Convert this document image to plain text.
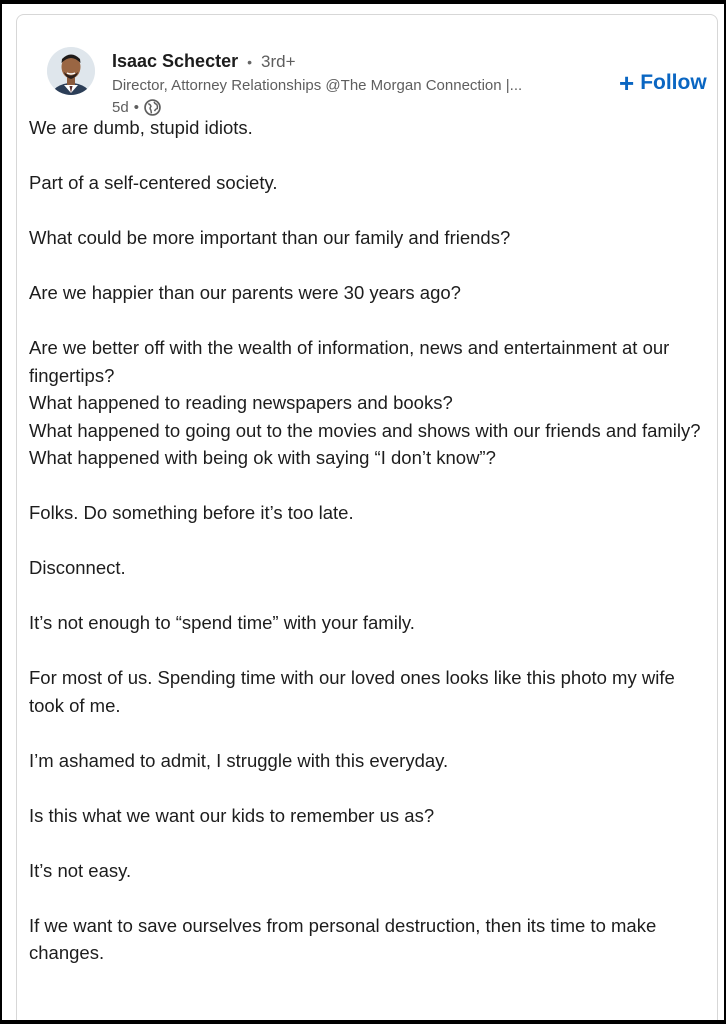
Isaac Schecter • 3rd+
Director, Attorney Relationships @The Morgan Connection |...
5d •
+ Follow

We are dumb, stupid idiots.

Part of a self-centered society.

What could be more important than our family and friends?

Are we happier than our parents were 30 years ago?

Are we better off with the wealth of information, news and entertainment at our fingertips?

What happened to reading newspapers and books?

What happened to going out to the movies and shows with our friends and family?

What happened with being ok with saying “I don’t know”?

Folks. Do something before it’s too late.

Disconnect.

It’s not enough to “spend time” with your family.

For most of us. Spending time with our loved ones looks like this photo my wife took of me.

I’m ashamed to admit, I struggle with this everyday.

Is this what we want our kids to remember us as?

It’s not easy.

If we want to save ourselves from personal destruction, then its time to make changes.
